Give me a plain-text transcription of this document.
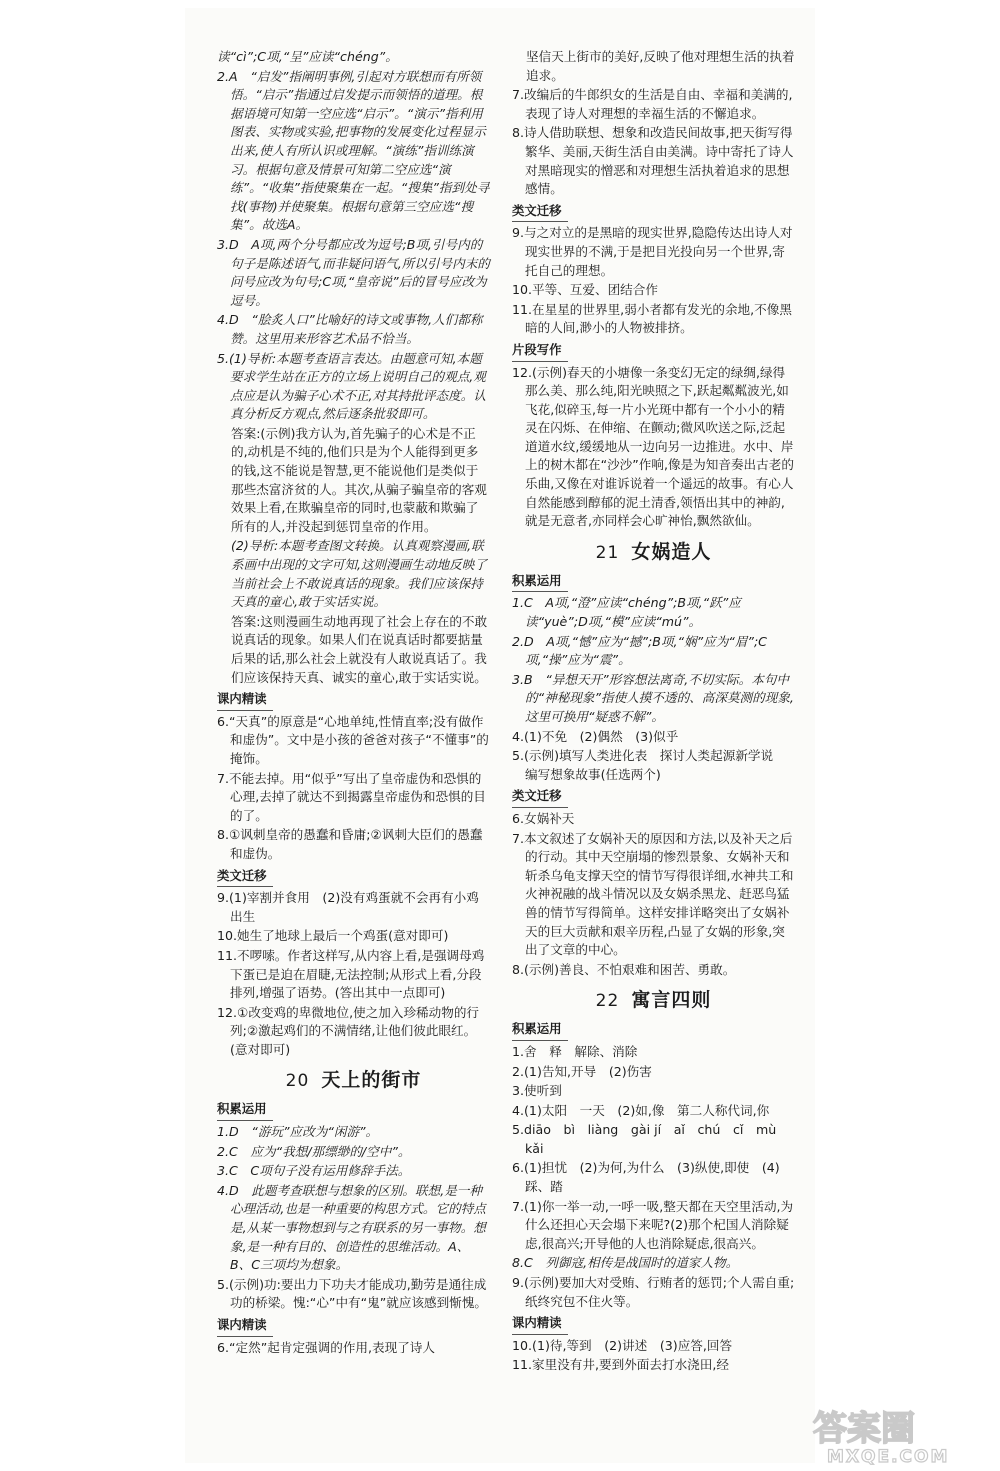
读“cì”;C项,“呈”应读“chéng”。
2.A　“启发”指阐明事例,引起对方联想而有所领悟。“启示”指通过启发提示而领悟的道理。根据语境可知第一空应选“启示”。“演示”指利用图表、实物或实验,把事物的发展变化过程显示出来,使人有所认识或理解。“演练”指训练演习。根据句意及情景可知第二空应选“演练”。“收集”指使聚集在一起。“搜集”指到处寻找(事物)并使聚集。根据句意第三空应选“搜集”。故选A。
3.D　A项,两个分号都应改为逗号;B项,引号内的句子是陈述语气,而非疑问语气,所以引号内末的问号应改为句号;C项,“皇帝说”后的冒号应改为逗号。
4.D　“脍炙人口”比喻好的诗文或事物,人们都称赞。这里用来形容艺术品不恰当。
5.(1)导析:本题考查语言表达。由题意可知,本题要求学生站在正方的立场上说明自己的观点,观点应是认为骗子心术不正,对其持批评态度。认真分析反方观点,然后逐条批驳即可。
答案:(示例)我方认为,首先骗子的心术是不正的,动机是不纯的,他们只是为个人能得到更多的钱,这不能说是智慧,更不能说他们是类似于那些杰富济贫的人。其次,从骗子骗皇帝的客观效果上看,在欺骗皇帝的同时,也蒙蔽和欺骗了所有的人,并没起到惩罚皇帝的作用。
(2)导析:本题考查图文转换。认真观察漫画,联系画中出现的文字可知,这则漫画生动地反映了当前社会上不敢说真话的现象。我们应该保持天真的童心,敢于实话实说。
答案:这则漫画生动地再现了社会上存在的不敢说真话的现象。如果人们在说真话时都要掂量后果的话,那么社会上就没有人敢说真话了。我们应该保持天真、诚实的童心,敢于实话实说。
课内精读
6.“天真”的原意是“心地单纯,性情直率;没有做作和虚伪”。文中是小孩的爸爸对孩子“不懂事”的掩饰。
7.不能去掉。用“似乎”写出了皇帝虚伪和恐惧的心理,去掉了就达不到揭露皇帝虚伪和恐惧的目的了。
8.①讽刺皇帝的愚蠢和昏庸;②讽刺大臣们的愚蠢和虚伪。
类文迁移
9.(1)宰割并食用　(2)没有鸡蛋就不会再有小鸡出生
10.她生了地球上最后一个鸡蛋(意对即可)
11.不啰嗦。作者这样写,从内容上看,是强调母鸡下蛋已是迫在眉睫,无法控制;从形式上看,分段排列,增强了语势。(答出其中一点即可)
12.①改变鸡的卑微地位,使之加入珍稀动物的行列;②激起鸡们的不满情绪,让他们彼此眼红。(意对即可)
20 天上的街市
积累运用
1.D　“游玩”应改为“闲游”。
2.C　应为“我想/那缥缈的/空中”。
3.C　C项句子没有运用修辞手法。
4.D　此题考查联想与想象的区别。联想,是一种心理活动,也是一种重要的构思方式。它的特点是,从某一事物想到与之有联系的另一事物。想象,是一种有目的、创造性的思维活动。A、B、C三项均为想象。
5.(示例)功:要出力下功夫才能成功,勤劳是通往成功的桥梁。愧:“心”中有“鬼”就应该感到惭愧。
课内精读
6.“定然”起肯定强调的作用,表现了诗人
坚信天上街市的美好,反映了他对理想生活的执着追求。
7.改编后的牛郎织女的生活是自由、幸福和美满的,表现了诗人对理想的幸福生活的不懈追求。
8.诗人借助联想、想象和改造民间故事,把天街写得繁华、美丽,天街生活自由美满。诗中寄托了诗人对黑暗现实的憎恶和对理想生活执着追求的思想感情。
类文迁移
9.与之对立的是黑暗的现实世界,隐隐传达出诗人对现实世界的不满,于是把目光投向另一个世界,寄托自己的理想。
10.平等、互爱、团结合作
11.在星星的世界里,弱小者都有发光的余地,不像黑暗的人间,渺小的人物被排挤。
片段写作
12.(示例)春天的小塘像一条变幻无定的绿绸,绿得那么美、那么纯,阳光映照之下,跃起粼粼波光,如飞花,似碎玉,每一片小光斑中都有一个小小的精灵在闪烁、在伸缩、在颤动;微风吹送之际,泛起道道水纹,缓缓地从一边向另一边推进。水中、岸上的树木都在“沙沙”作响,像是为知音奏出古老的乐曲,又像在对谁诉说着一个遥远的故事。有心人自然能感到醇郁的泥土清香,领悟出其中的神韵,就是无意者,亦同样会心旷神怡,飘然欲仙。
21 女娲造人
积累运用
1.C　A项,“澄”应读“chéng”;B项,“跃”应读“yuè”;D项,“模”应读“mú”。
2.D　A项,“憾”应为“撼”;B项,“娴”应为“眉”;C项,“操”应为“震”。
3.B　“异想天开”形容想法离奇,不切实际。本句中的“神秘现象”指使人摸不透的、高深莫测的现象,这里可换用“疑惑不解”。
4.(1)不免　(2)偶然　(3)似乎
5.(示例)填写人类进化表　探讨人类起源新学说　编写想象故事(任选两个)
类文迁移
6.女娲补天
7.本文叙述了女娲补天的原因和方法,以及补天之后的行动。其中天空崩塌的惨烈景象、女娲补天和斩杀乌龟支撑天空的情节写得很详细,水神共工和火神祝融的战斗情况以及女娲杀黑龙、赶恶鸟猛兽的情节写得简单。这样安排详略突出了女娲补天的巨大贡献和艰辛历程,凸显了女娲的形象,突出了文章的中心。
8.(示例)善良、不怕艰难和困苦、勇敢。
22 寓言四则
积累运用
1.舍　释　解除、消除
2.(1)告知,开导　(2)伤害
3.使听到
4.(1)太阳　一天　(2)如,像　第二人称代词,你
5.diāo　bì　liàng　gài jí　aǐ　chú　cǐ　mù　kǎi
6.(1)担忧　(2)为何,为什么　(3)纵使,即使　(4)踩、踏
7.(1)你一举一动,一呼一吸,整天都在天空里活动,为什么还担心天会塌下来呢?(2)那个杞国人消除疑虑,很高兴;开导他的人也消除疑虑,很高兴。
8.C　列御寇,相传是战国时的道家人物。
9.(示例)要加大对受贿、行贿者的惩罚;个人需自重;纸终究包不住火等。
课内精读
10.(1)待,等到　(2)讲述　(3)应答,回答
11.家里没有井,要到外面去打水浇田,经
答案圈
MXQE.COM
